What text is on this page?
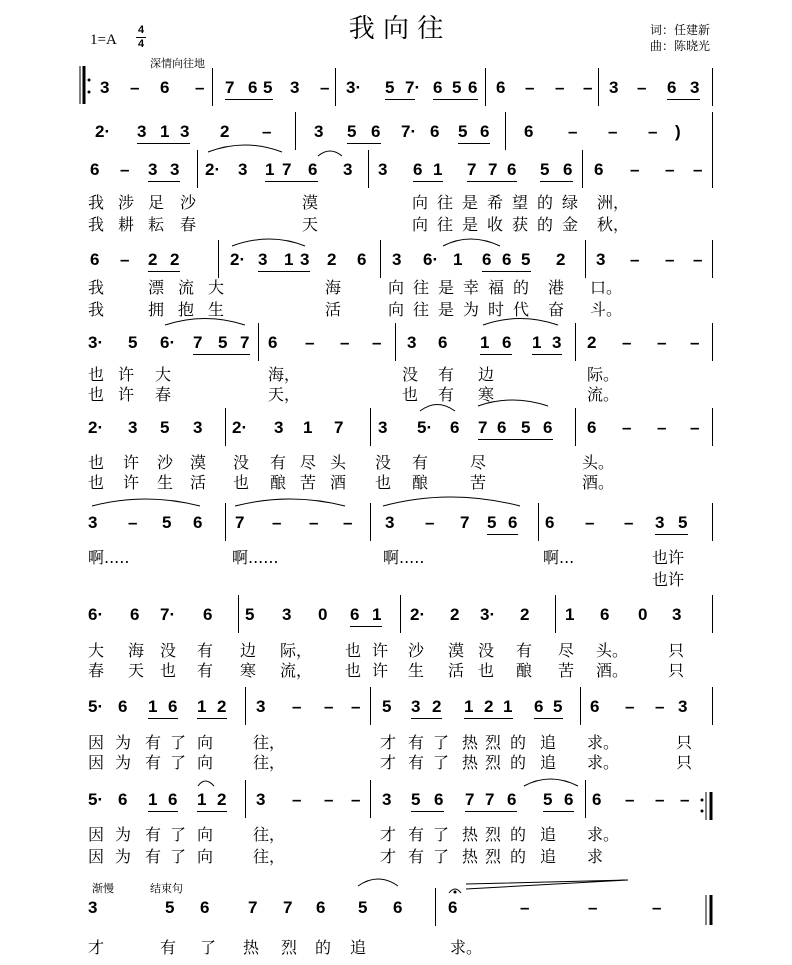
我 向 往
1=A
4
4
词：任建新
曲：陈晓光
深情向往地
渐慢	结束句
3 – 6 – 7 6 5 3 – 3· 5 7· 6 5 6 6 – – – 3 – 6 3
2· 3 1 3 2 –	3 5 6 7· 6 5 6 6 – – – )
6 – 3 3 2· 3 1 7 6 3 3 6 1 7 7 6 5 6 6 – – –
我 涉 足 沙	漠	向 往 是 希 望 的 绿 洲，
我 耕 耘 春	天	向 往 是 收 获 的 金 秋，
6 – 2 2	2· 3 1 3 2 6 3 6· 1 6 6 5 2 3 – – –
我	漂 流 大	海	向 往 是 幸 福 的 港 口。
我	拥 抱 生	活	向 往 是 为 时 代 奋 斗。
3· 5 6· 7 5 7 6 – – – 3 6 1 6 1 3 2 – – –
也 许 大	海，	没 有 边	际。
也 许 春	天，	也 有 寒	流。
2· 3 5 3 2· 3 1 7 3 5· 6 7 6 5 6 6 – – –
也 许 沙 漠 没 有 尽 头 没 有	尽	头。
也 许 生 活 也 酿 苦 酒 也 酿	苦	酒。
3 – 5 6 7 – – – 3 – 7 5 6 6 – – 3 5
啊.....	啊......	啊.....	啊...	也许
也许
6· 6 7· 6 5 3 0 6 1 2· 2 3· 2 1 6 0 3
大 海 没 有 边 际， 也 许 沙 漠 没 有 尽 头。 只
春 天 也 有 寒 流， 也 许 生 活 也 酿 苦 酒。 只
5· 6 1 6 1 2 3 – – – 5 3 2 1 2 1 6 5 6 – – 3
因 为 有 了 向 往，	才 有 了 热 烈 的 追 求。	只
因 为 有 了 向 往，	才 有 了 热 烈 的 追 求。	只
5· 6 1 6 1 2 3 – – – 3 5 6 7 7 6 5 6 6 – – –
因 为 有 了 向 往，	才 有 了 热 烈 的 追 求。
因 为 有 了 向 往，	才 有 了 热 烈 的 追 求
3	5 6 7 7 6 5 6	6	–	–	–
才	有 了 热 烈 的 追	求。
